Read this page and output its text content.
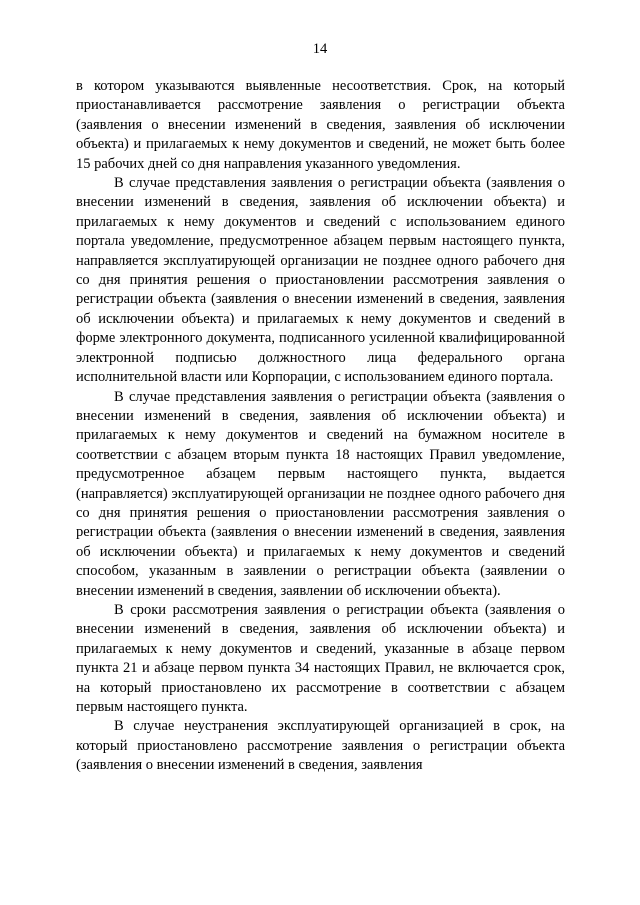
14

в котором указываются выявленные несоответствия. Срок, на который приостанавливается рассмотрение заявления о регистрации объекта (заявления о внесении изменений в сведения, заявления об исключении объекта) и прилагаемых к нему документов и сведений, не может быть более 15 рабочих дней со дня направления указанного уведомления.

В случае представления заявления о регистрации объекта (заявления о внесении изменений в сведения, заявления об исключении объекта) и прилагаемых к нему документов и сведений с использованием единого портала уведомление, предусмотренное абзацем первым настоящего пункта, направляется эксплуатирующей организации не позднее одного рабочего дня со дня принятия решения о приостановлении рассмотрения заявления о регистрации объекта (заявления о внесении изменений в сведения, заявления об исключении объекта) и прилагаемых к нему документов и сведений в форме электронного документа, подписанного усиленной квалифицированной электронной подписью должностного лица федерального органа исполнительной власти или Корпорации, с использованием единого портала.

В случае представления заявления о регистрации объекта (заявления о внесении изменений в сведения, заявления об исключении объекта) и прилагаемых к нему документов и сведений на бумажном носителе в соответствии с абзацем вторым пункта 18 настоящих Правил уведомление, предусмотренное абзацем первым настоящего пункта, выдается (направляется) эксплуатирующей организации не позднее одного рабочего дня со дня принятия решения о приостановлении рассмотрения заявления о регистрации объекта (заявления о внесении изменений в сведения, заявления об исключении объекта) и прилагаемых к нему документов и сведений способом, указанным в заявлении о регистрации объекта (заявлении о внесении изменений в сведения, заявлении об исключении объекта).

В сроки рассмотрения заявления о регистрации объекта (заявления о внесении изменений в сведения, заявления об исключении объекта) и прилагаемых к нему документов и сведений, указанные в абзаце первом пункта 21 и абзаце первом пункта 34 настоящих Правил, не включается срок, на который приостановлено их рассмотрение в соответствии с абзацем первым настоящего пункта.

В случае неустранения эксплуатирующей организацией в срок, на который приостановлено рассмотрение заявления о регистрации объекта (заявления о внесении изменений в сведения, заявления
